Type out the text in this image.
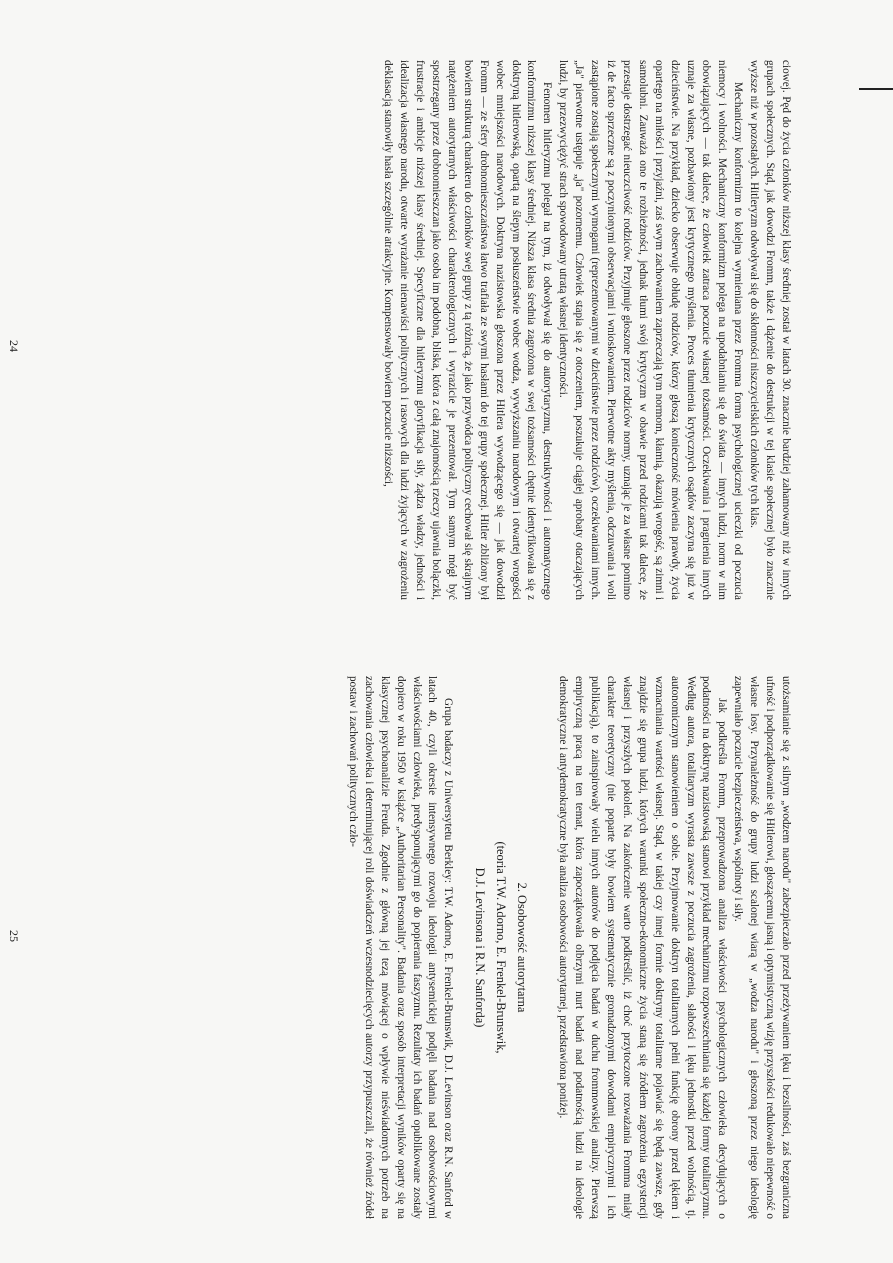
ciowej. Pęd do życia członków niższej klasy średniej został w latach 30. znacznie bardziej zahamowany niż w innych grupach społecznych. Stąd, jak dowodzi Fromm, także i dążenie do destrukcji w tej klasie społecznej było znacznie wyższe niż w pozostałych. Hitleryzm odwoływał się do skłonności niszczycielskich członków tych klas.

Mechaniczny konformizm to kolejna wymieniana przez Fromma forma psychologicznej ucieczki od poczucia niemocy i wolności. Mechaniczny konformizm polega na upodabnianiu się do świata — innych ludzi, norm w nim obowiązujących — tak dalece, że człowiek zatraca poczucie własnej tożsamości. Oczekiwania i pragnienia innych uznaje za własne, pozbawiony jest krytycznego myślenia. Proces tłumienia krytycznych osądów zaczyna się już w dzieciństwie. Na przykład, dziecko obserwuje obłudę rodziców, którzy głoszą konieczność mówienia prawdy, życia opartego na miłości i przyjaźni, zaś swym zachowaniem zaprzeczają tym normom, kłamią, okazują wrogość, są zimni i samolubni. Zauważa ono te rozbieżności, jednak tłumi swój krytycyzm w obawie przed rodzicami tak dalece, że przestaje dostrzegać nieuczciwość rodziców. Przyjmuje głoszone przez rodziców normy, uznając je za własne pomimo iż de facto sprzeczne są z poczynionymi obserwacjami i wnioskowaniem. Pierwotne akty myślenia, odczuwania i woli zastąpione zostają społecznymi wymogami (reprezentowanymi w dzieciństwie przez rodziców), oczekiwaniami innych. „Ja" pierwotne ustępuje „ja" pozornemu. Człowiek stapia się z otoczeniem, poszukuje ciągłej aprobaty otaczających ludzi, by przezwyciężyć strach spowodowany utratą własnej identyczności.

Fenomen hitleryzmu polegał na tym, iż odwoływał się do autorytaryzmu, destruktywności i automatycznego konformizmu niższej klasy średniej. Niższa klasa średnia zagrożona w swej tożsamości chętnie identyfikowała się z doktryną hitlerowską, opartą na ślepym posłuszeństwie wobec wodza, wywyższaniu narodowym i otwartej wrogości wobec mniejszości narodowych. Doktryna nazistowska głoszona przez Hitlera wywodzącego się — jak dowodził Fromm — ze sfery drobnomieszczaństwa łatwo trafiała ze swymi hasłami do tej grupy społecznej. Hitler zbliżony był bowiem strukturą charakteru do członków swej grupy z tą różnicą, że jako przywódca polityczny cechował się skrajnym natężeniem autorytarnych właściwości charakterologicznych i wyrazicie je prezentował. Tym samym mógł być spostrzegany przez drobnomieszczan jako osoba im podobna, bliska, która z całą znajomością rzeczy ujawnia bolączki, frustracje i ambicje niższej klasy średniej. Specyficzne dla hitleryzmu gloryfikacja siły, żądza władzy, jedności i idealizacja własnego narodu, otwarte wyrażanie nienawiści politycznych i rasowych dla ludzi żyjących w zagrożeniu deklasacją stanowiły hasła szczególnie atrakcyjne. Kompensowały bowiem poczucie niższości,

24

utożsamianie się z silnym „wodzem narodu" zabezpieczało przed przeżywaniem lęku i bezsilności, zaś bezgraniczna ufność i podporządkowanie się Hitlerowi, głoszącemu jasną i optymistyczną wizję przyszłości redukowało niepewność o własne losy. Przynależność do grupy ludzi scalonej wiarą w „wodza narodu" i głoszoną przez niego ideologię zapewniało poczucie bezpieczeństwa, wspólnoty i siły.

Jak podkreśla Fromm, przeprowadzona analiza właściwości psychologicznych człowieka decydujących o podatności na doktrynę nazistowską stanowi przykład mechanizmu rozpowszechniania się każdej formy totalitaryzmu. Według autora, totalitaryzm wyrasta zawsze z poczucia zagrożenia, słabości i lęku jednostki przed wolnością, tj. autonomicznym stanowieniem o sobie. Przyjmowanie doktryn totalitarnych pełni funkcję obrony przed lękiem i wzmacniania wartości własnej. Stąd, w takiej czy innej formie doktryny totalitarne pojawiać się będą zawsze, gdy znajdzie się grupa ludzi, których warunki społeczno-ekonomiczne życia staną się źródłem zagrożenia egzystencji własnej i przyszłych pokoleń. Na zakończenie warto podkreślić, iż choć przytoczone rozważania Fromma miały charakter teoretyczny (nie poparte były bowiem systematycznie gromadzonymi dowodami empirycznymi i ich publikacją), to zainspirowały wielu innych autorów do podjęcia badań w duchu frommowskiej analizy. Pierwszą empiryczną pracą na ten temat, która zapoczątkowała olbrzymi nurt badań nad podatnością ludzi na ideologie demokratyczne i antydemokratyczne była analiza osobowości autorytarnej, przedstawiona poniżej.

2. Osobowość autorytarna
(teoria T.W. Adorno, E. Frenkel-Brunswik,
D.J. Levinsona i R.N. Sanforda)

Grupa badaczy z Uniwersytetu Berkley: T.W. Adorno, E. Frenkel-Brunswik, D.J. Levinson oraz R.N. Sanford w latach 40., czyli okresie intensywnego rozwoju ideologii antysemickiej podjęli badania nad osobowościowymi właściwościami człowieka, predysponującymi go do popierania faszyzmu. Rezultaty ich badań opublikowane zostały dopiero w roku 1950 w książce „Authoritarian Personality". Badania oraz sposób interpretacji wyników oparty się na klasycznej psychoanalizie Freuda. Zgodnie z główną jej tezą mówiącej o wpływie nieświadomych potrzeb na zachowania człowieka i determinującej roli doświadczeń wczesnodziecięcych autorzy przypuszczali, że również źródeł postaw i zachowań politycznych czło-

25
